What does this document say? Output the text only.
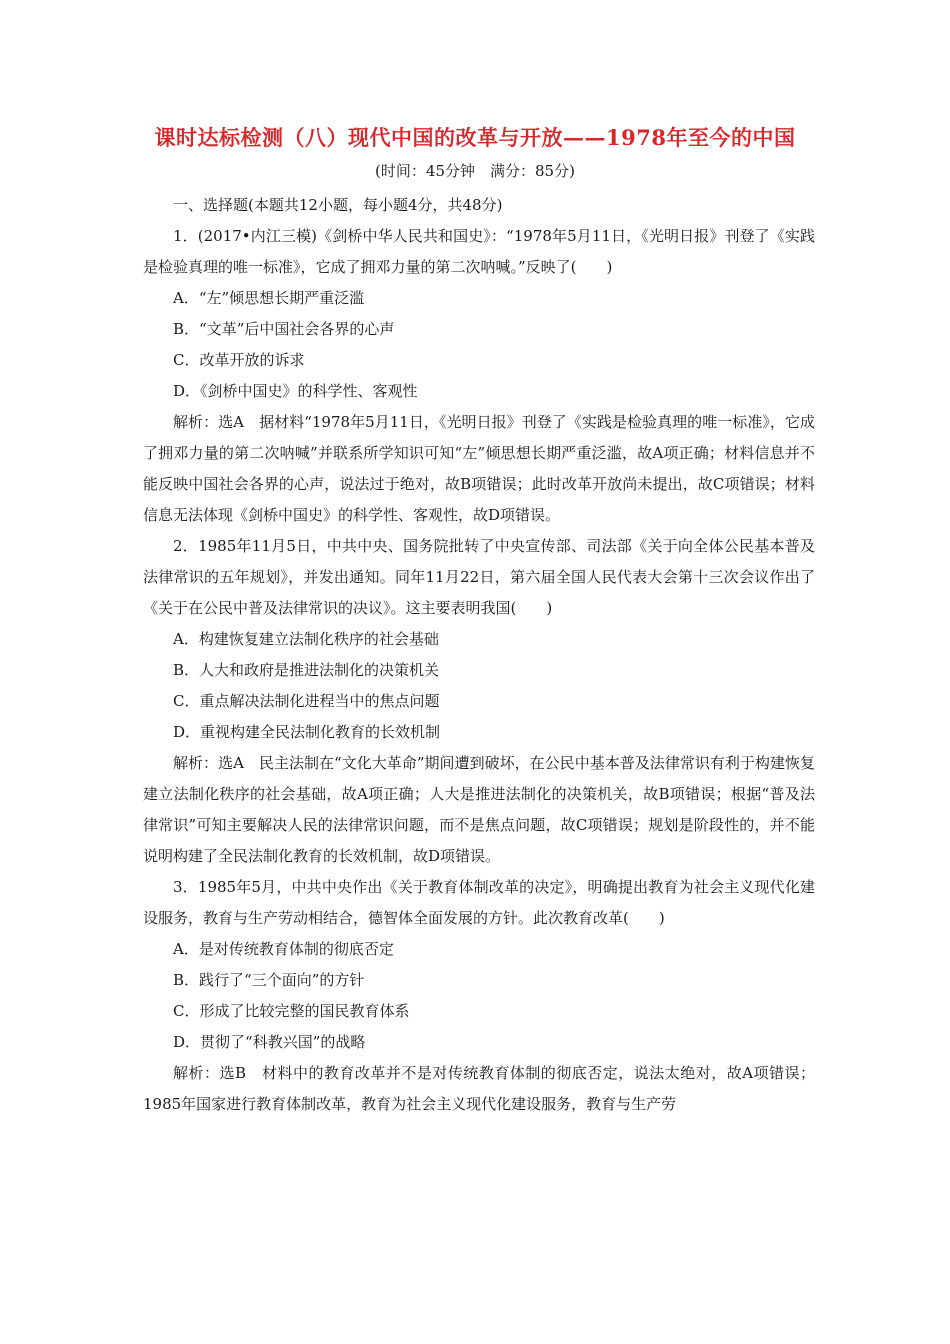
课时达标检测（八）现代中国的改革与开放——1978年至今的中国
(时间：45分钟　满分：85分)

一、选择题(本题共12小题，每小题4分，共48分)

1．(2017•内江三模)《剑桥中华人民共和国史》：“1978年5月11日，《光明日报》刊登了《实践是检验真理的唯一标准》，它成了拥邓力量的第二次呐喊。”反映了(　　)

A．“左”倾思想长期严重泛滥

B．“文革”后中国社会各界的心声

C．改革开放的诉求

D．《剑桥中国史》的科学性、客观性

解析：选A　据材料“1978年5月11日，《光明日报》刊登了《实践是检验真理的唯一标准》，它成了拥邓力量的第二次呐喊”并联系所学知识可知“左”倾思想长期严重泛滥，故A项正确；材料信息并不能反映中国社会各界的心声，说法过于绝对，故B项错误；此时改革开放尚未提出，故C项错误；材料信息无法体现《剑桥中国史》的科学性、客观性，故D项错误。

2．1985年11月5日，中共中央、国务院批转了中央宣传部、司法部《关于向全体公民基本普及法律常识的五年规划》，并发出通知。同年11月22日，第六届全国人民代表大会第十三次会议作出了《关于在公民中普及法律常识的决议》。这主要表明我国(　　)

A．构建恢复建立法制化秩序的社会基础

B．人大和政府是推进法制化的决策机关

C．重点解决法制化进程当中的焦点问题

D．重视构建全民法制化教育的长效机制

解析：选A　民主法制在“文化大革命”期间遭到破坏，在公民中基本普及法律常识有利于构建恢复建立法制化秩序的社会基础，故A项正确；人大是推进法制化的决策机关，故B项错误；根据“普及法律常识”可知主要解决人民的法律常识问题，而不是焦点问题，故C项错误；规划是阶段性的，并不能说明构建了全民法制化教育的长效机制，故D项错误。

3．1985年5月，中共中央作出《关于教育体制改革的决定》，明确提出教育为社会主义现代化建设服务，教育与生产劳动相结合，德智体全面发展的方针。此次教育改革(　　)

A．是对传统教育体制的彻底否定

B．践行了“三个面向”的方针

C．形成了比较完整的国民教育体系

D．贯彻了“科教兴国”的战略

解析：选B　材料中的教育改革并不是对传统教育体制的彻底否定，说法太绝对，故A项错误；1985年国家进行教育体制改革，教育为社会主义现代化建设服务，教育与生产劳
